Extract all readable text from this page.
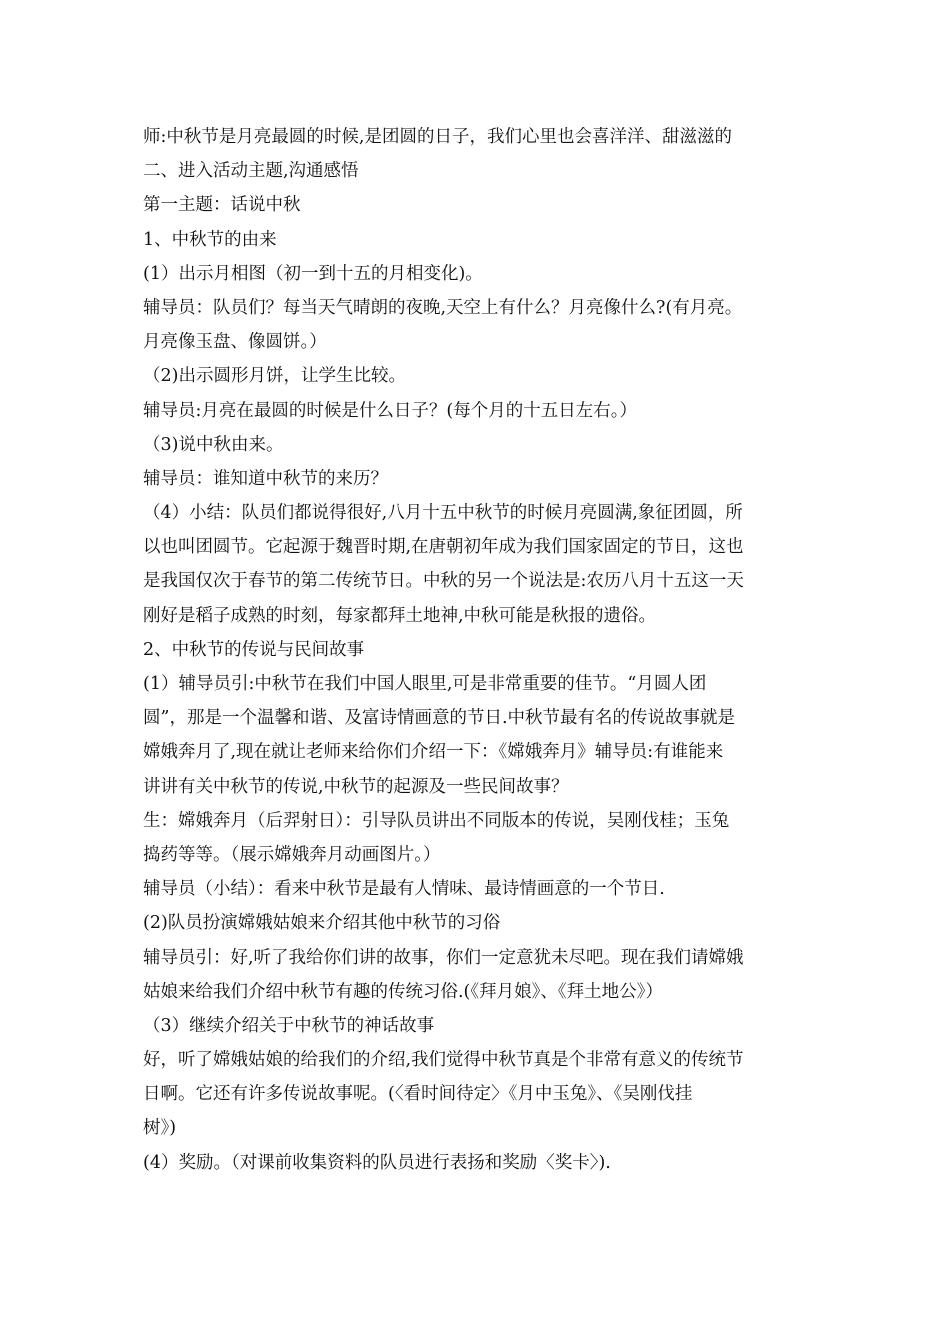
师:中秋节是月亮最圆的时候,是团圆的日子，我们心里也会喜洋洋、甜滋滋的
二、进入活动主题,沟通感悟
第一主题：话说中秋
1、中秋节的由来
(1）出示月相图（初一到十五的月相变化)。
辅导员：队员们？每当天气晴朗的夜晚,天空上有什么？月亮像什么?(有月亮。
月亮像玉盘、像圆饼。）
（2)出示圆形月饼，让学生比较。
辅导员:月亮在最圆的时候是什么日子？(每个月的十五日左右。）
（3)说中秋由来。
辅导员：谁知道中秋节的来历？
（4）小结：队员们都说得很好,八月十五中秋节的时候月亮圆满,象征团圆，所
以也叫团圆节。它起源于魏晋时期,在唐朝初年成为我们国家固定的节日，这也
是我国仅次于春节的第二传统节日。中秋的另一个说法是:农历八月十五这一天
刚好是稻子成熟的时刻，每家都拜土地神,中秋可能是秋报的遗俗。
2、中秋节的传说与民间故事
(1）辅导员引:中秋节在我们中国人眼里,可是非常重要的佳节。“月圆人团
圆”，那是一个温馨和谐、及富诗情画意的节日.中秋节最有名的传说故事就是
嫦娥奔月了,现在就让老师来给你们介绍一下：《嫦娥奔月》辅导员:有谁能来
讲讲有关中秋节的传说,中秋节的起源及一些民间故事？
生：嫦娥奔月（后羿射日）：引导队员讲出不同版本的传说，吴刚伐桂；玉兔
捣药等等。（展示嫦娥奔月动画图片。）
辅导员（小结）：看来中秋节是最有人情味、最诗情画意的一个节日.
(2)队员扮演嫦娥姑娘来介绍其他中秋节的习俗
辅导员引：好,听了我给你们讲的故事，你们一定意犹未尽吧。现在我们请嫦娥
姑娘来给我们介绍中秋节有趣的传统习俗.(《拜月娘》、《拜土地公》）
（3）继续介绍关于中秋节的神话故事
好，听了嫦娥姑娘的给我们的介绍,我们觉得中秋节真是个非常有意义的传统节
日啊。它还有许多传说故事呢。(〈看时间待定〉《月中玉兔》、《吴刚伐挂
树》)
(4）奖励。（对课前收集资料的队员进行表扬和奖励〈奖卡〉).
